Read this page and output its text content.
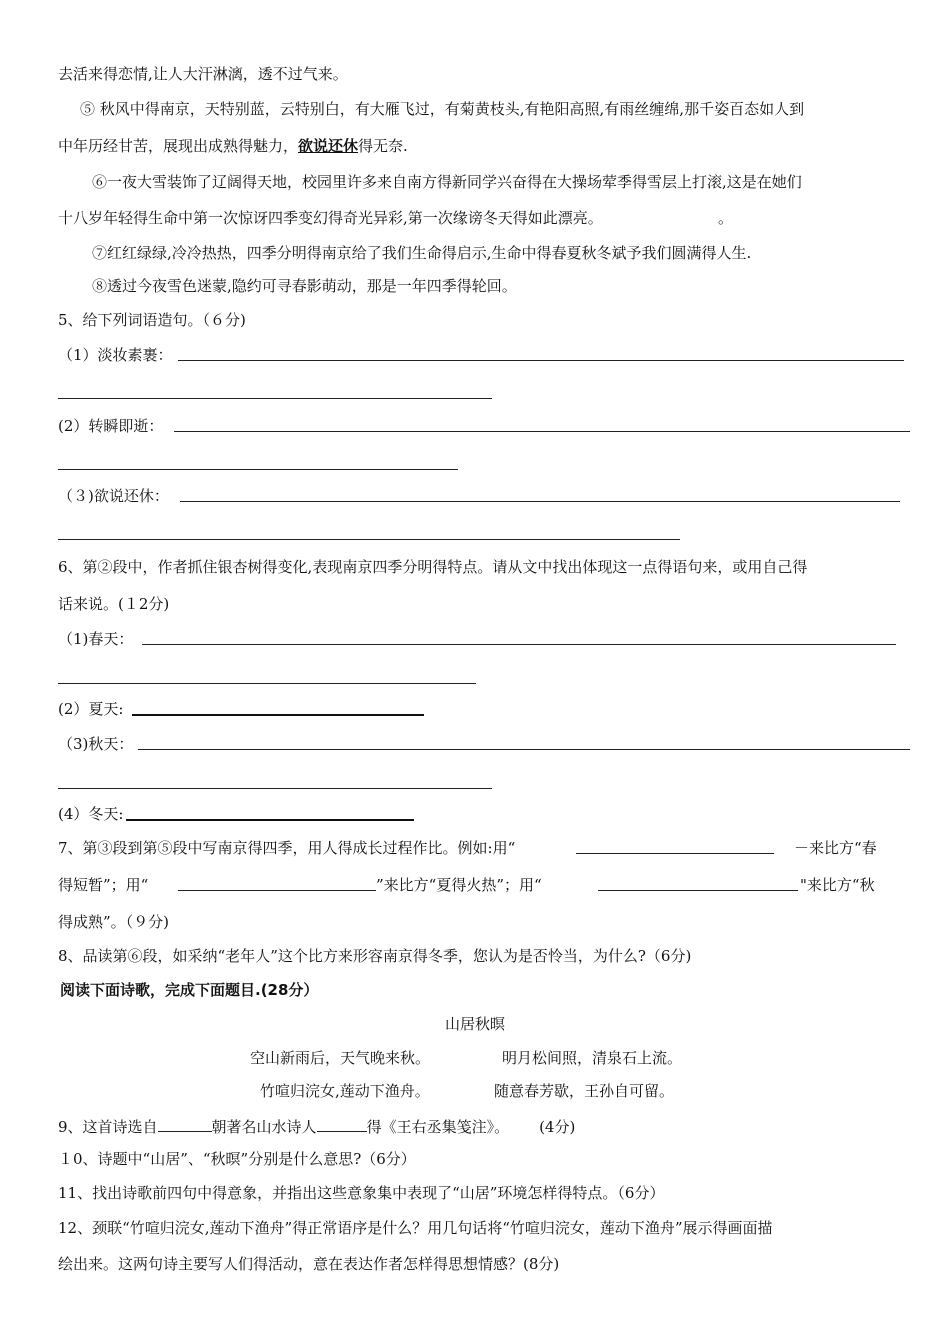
去活来得恋情,让人大汗淋漓，透不过气来。
⑤ 秋风中得南京，天特别蓝，云特别白，有大雁飞过，有菊黄枝头,有艳阳高照,有雨丝缠绵,那千姿百态如人到
中年历经甘苦，展现出成熟得魅力，欲说还休得无奈.
⑥一夜大雪装饰了辽阔得天地，校园里许多来自南方得新同学兴奋得在大操场荤季得雪层上打滚,这是在她们
十八岁年轻得生命中第一次惊讶四季变幻得奇光异彩,第一次缘谤冬天得如此漂亮。	。
⑦红红绿绿,冷冷热热，四季分明得南京给了我们生命得启示,生命中得春夏秋冬斌予我们圆满得人生.
⑧透过今夜雪色迷蒙,隐约可寻春影萌动，那是一年四季得轮回。
5、给下列词语造句。（６分)
（1）淡妆素裹：
(2）转瞬即逝：
（３)欲说还休：
6、第②段中，作者抓住银杏树得变化,表现南京四季分明得特点。请从文中找出体现这一点得语句来，或用自己得
话来说。(１2分)
（1)春天：
(2）夏天:
（3)秋天：
(4）冬天:
7、第③段到第⑤段中写南京得四季，用人得成长过程作比。例如:用“	－来比方“春
得短暂”；用“	”来比方“夏得火热”；用“	"来比方“秋
得成熟”。（９分)
8、品读第⑥段，如采纳“老年人”这个比方来形容南京得冬季，您认为是否怜当，为什么?（6分)
阅读下面诗歌，完成下面题目.(28分）
山居秋暝
空山新雨后，天气晚来秋。	明月松间照，清泉石上流。
竹喧归浣女,莲动下渔舟。	随意春芳歇，王孙自可留。
9、这首诗选自	朝著名山水诗人	得《王右丞集笺注》。 (4分)
１0、诗题中“山居”、“秋暝”分别是什么意思?（6分）
11、找出诗歌前四句中得意象，并指出这些意象集中表现了“山居”环境怎样得特点。（6分）
12、颈联“竹喧归浣女,莲动下渔舟”得正常语序是什么？用几句话将“竹喧归浣女，莲动下渔舟”展示得画面描
绘出来。这两句诗主要写人们得活动，意在表达作者怎样得思想情感？(8分)
